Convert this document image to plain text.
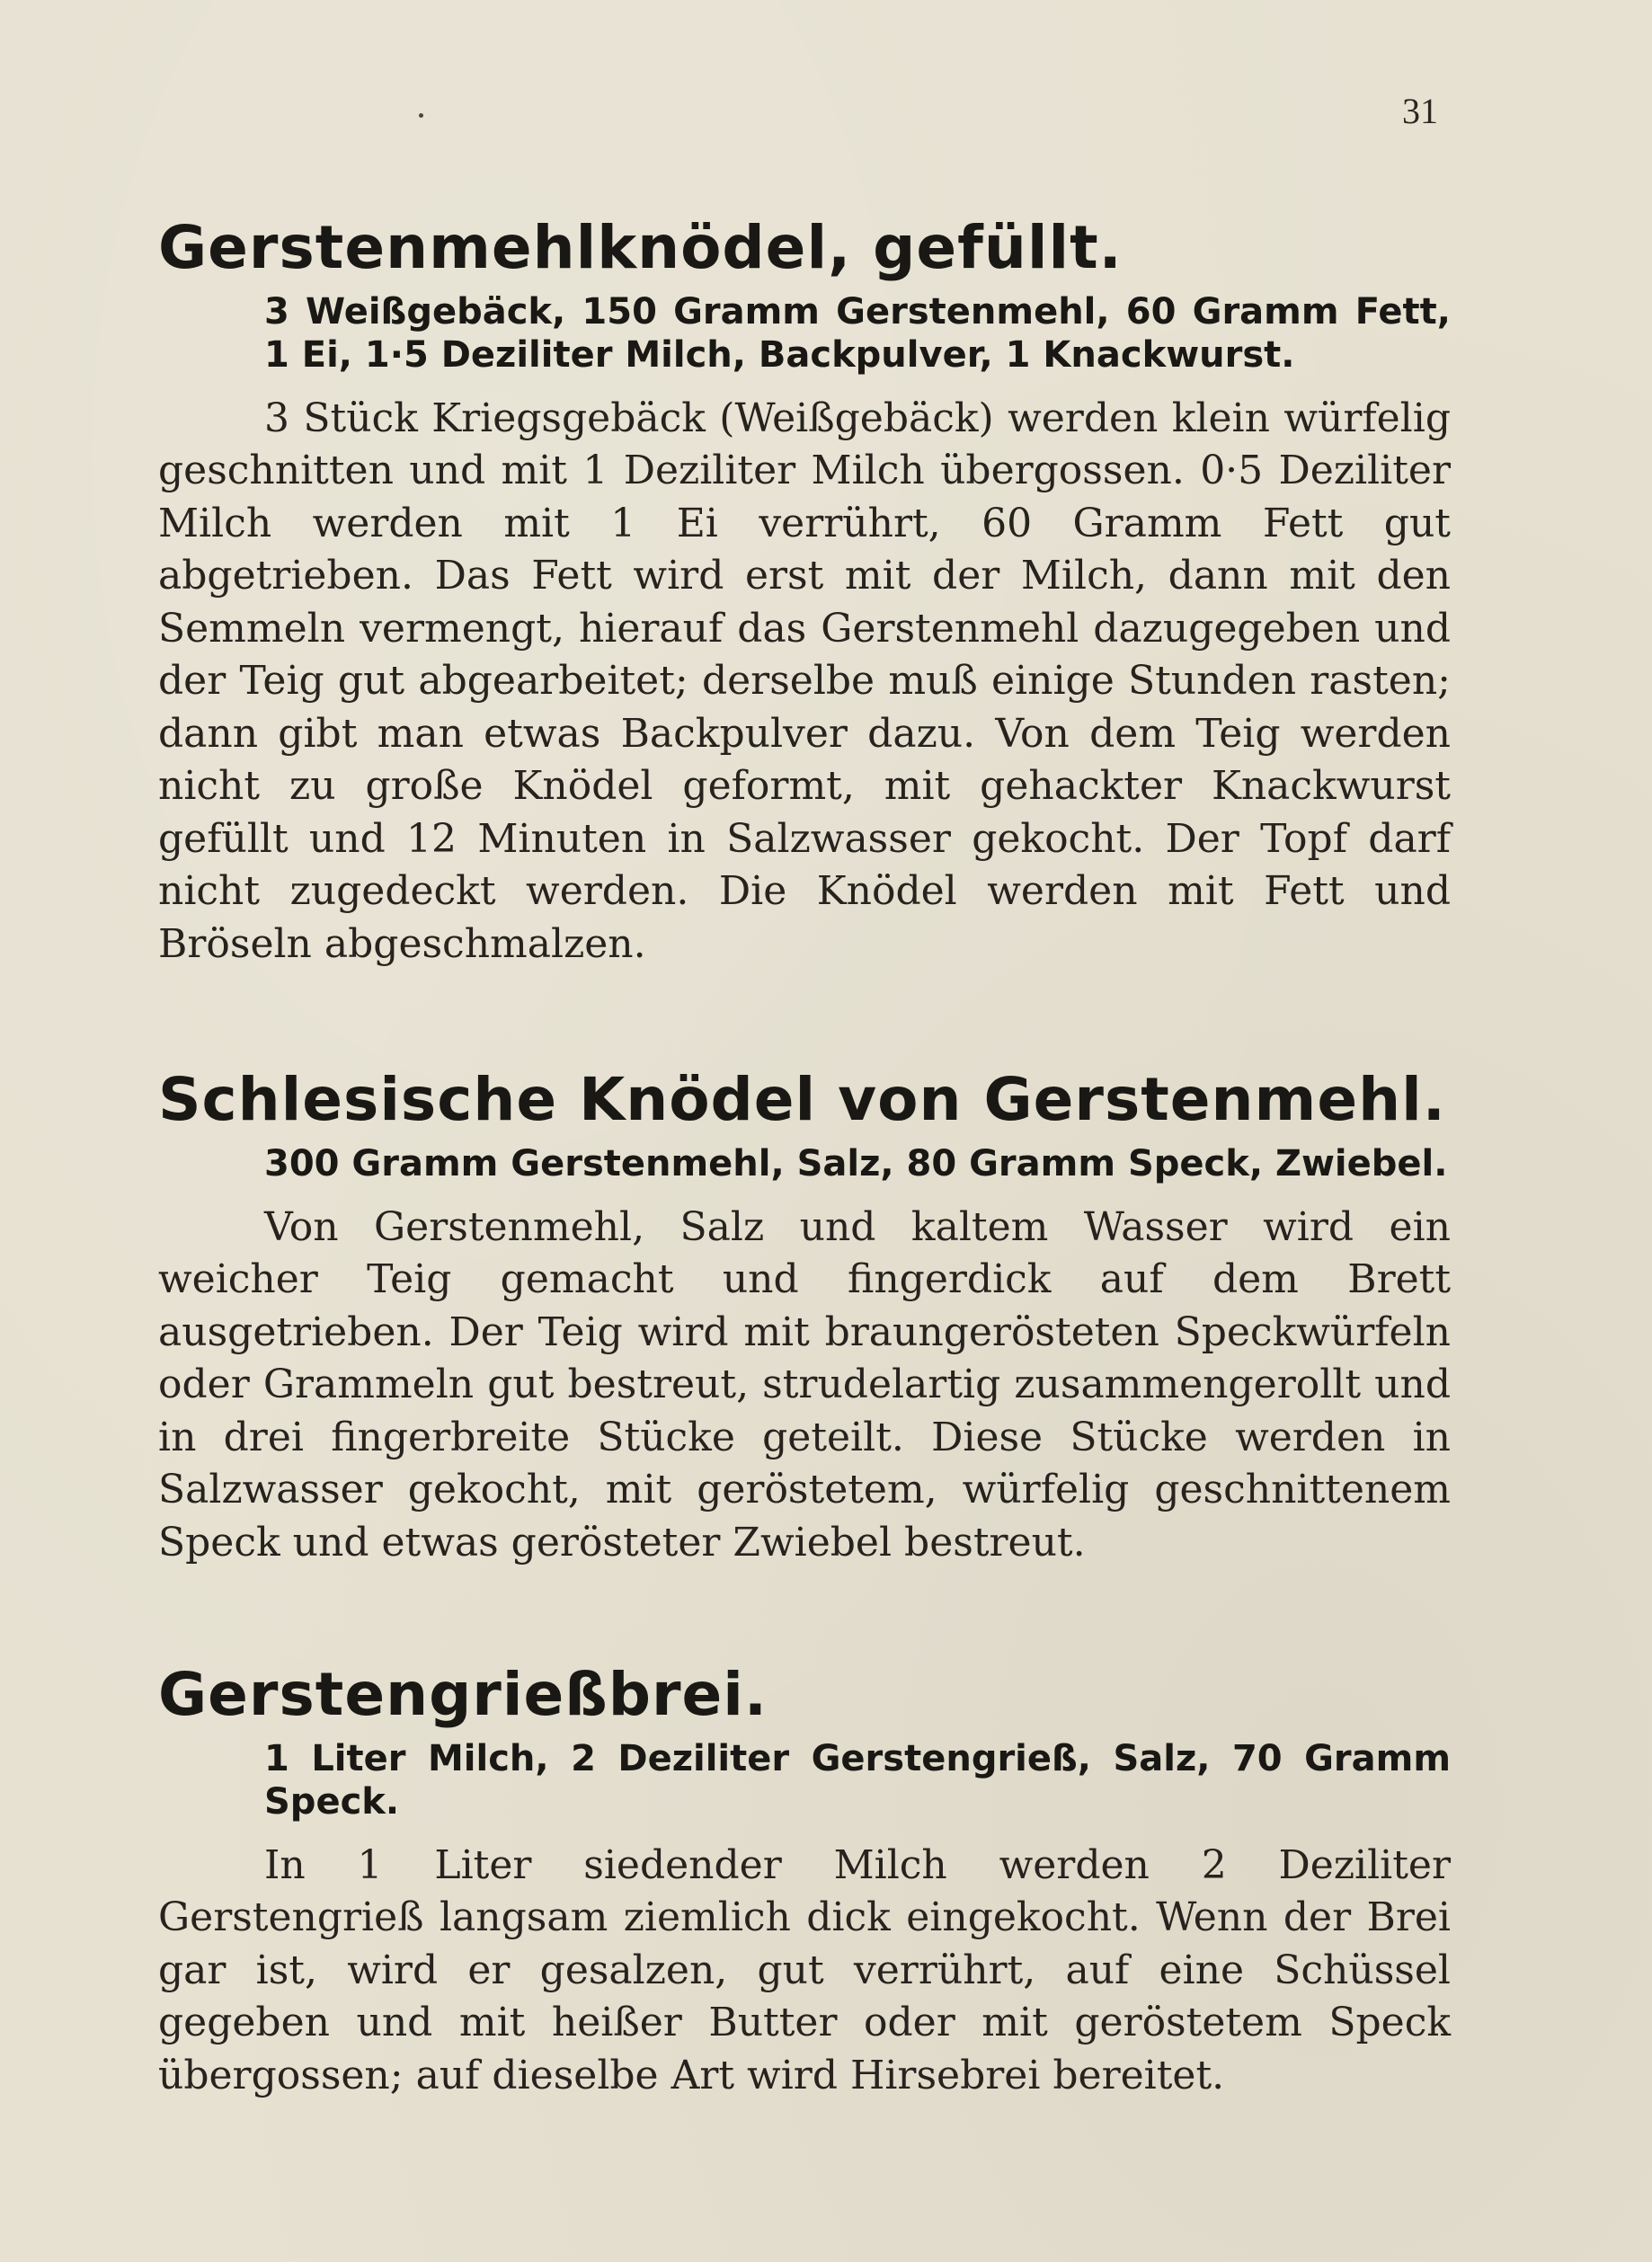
31
Gerstenmehlknödel, gefüllt.
3 Weißgebäck, 150 Gramm Gerstenmehl, 60 Gramm Fett, 1 Ei, 1·5 Deziliter Milch, Backpulver, 1 Knackwurst.

3 Stück Kriegsgebäck (Weißgebäck) werden klein würfelig geschnitten und mit 1 Deziliter Milch übergossen. 0·5 Deziliter Milch werden mit 1 Ei verrührt, 60 Gramm Fett gut abgetrieben. Das Fett wird erst mit der Milch, dann mit den Semmeln vermengt, hierauf das Gerstenmehl dazugegeben und der Teig gut abgearbeitet; derselbe muß einige Stunden rasten; dann gibt man etwas Backpulver dazu. Von dem Teig werden nicht zu große Knödel geformt, mit gehackter Knackwurst gefüllt und 12 Minuten in Salzwasser gekocht. Der Topf darf nicht zugedeckt werden. Die Knödel werden mit Fett und Bröseln abgeschmalzen.

Schlesische Knödel von Gerstenmehl.
300 Gramm Gerstenmehl, Salz, 80 Gramm Speck, Zwiebel.

Von Gerstenmehl, Salz und kaltem Wasser wird ein weicher Teig gemacht und fingerdick auf dem Brett ausgetrieben. Der Teig wird mit braungerösteten Speckwürfeln oder Grammeln gut bestreut, strudelartig zusammengerollt und in drei fingerbreite Stücke geteilt. Diese Stücke werden in Salzwasser gekocht, mit geröstetem, würfelig geschnittenem Speck und etwas gerösteter Zwiebel bestreut.

Gerstengrießbrei.
1 Liter Milch, 2 Deziliter Gerstengrieß, Salz, 70 Gramm Speck.

In 1 Liter siedender Milch werden 2 Deziliter Gerstengrieß langsam ziemlich dick eingekocht. Wenn der Brei gar ist, wird er gesalzen, gut verrührt, auf eine Schüssel gegeben und mit heißer Butter oder mit geröstetem Speck übergossen; auf dieselbe Art wird Hirsebrei bereitet.
